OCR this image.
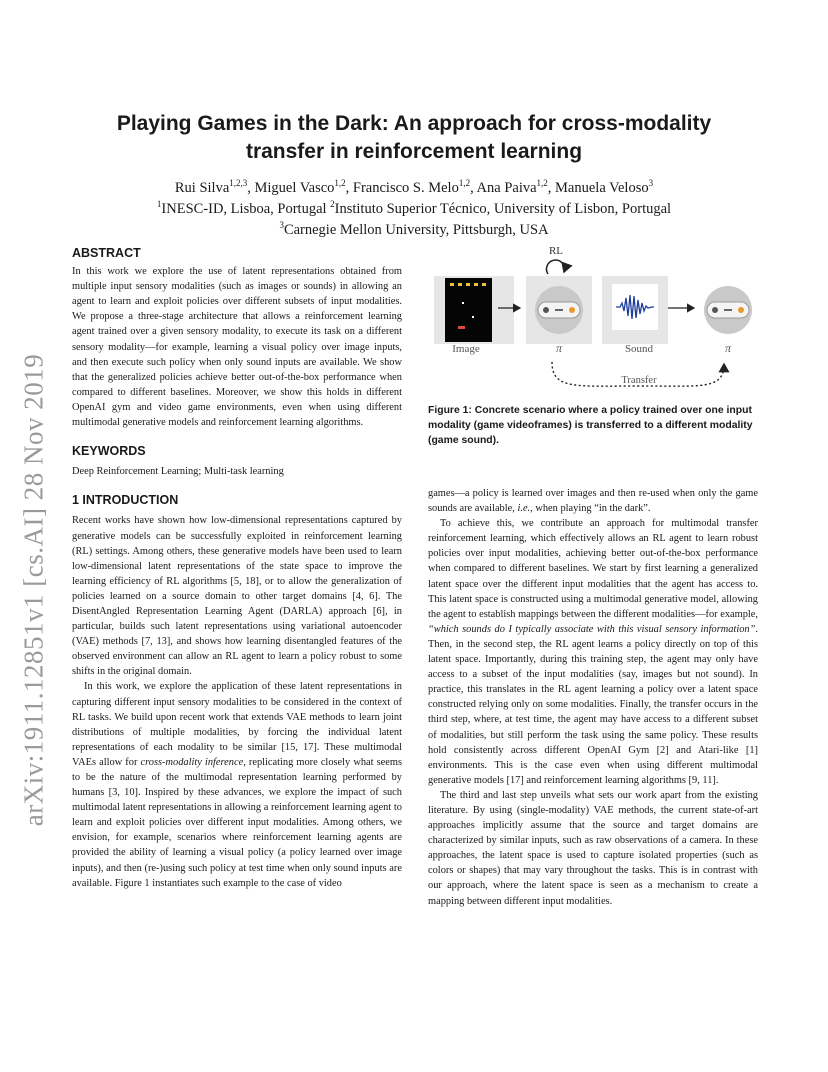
arXiv:1911.12851v1 [cs.AI] 28 Nov 2019
Playing Games in the Dark: An approach for cross-modality
transfer in reinforcement learning
Rui Silva$^{1,2,3}$, Miguel Vasco$^{1,2}$, Francisco S. Melo$^{1,2}$, Ana Paiva$^{1,2}$, Manuela Veloso$^3$
$^1$INESC-ID, Lisboa, Portugal $^2$Instituto Superior Técnico, University of Lisbon, Portugal
$^3$Carnegie Mellon University, Pittsburgh, USA

ABSTRACT

In this work we explore the use of latent representations obtained from multiple input sensory modalities (such as images or sounds) in allowing an agent to learn and exploit policies over different subsets of input modalities. We propose a three-stage architecture that allows a reinforcement learning agent trained over a given sensory modality, to execute its task on a different sensory modality—for example, learning a visual policy over image inputs, and then execute such policy when only sound inputs are available. We show that the generalized policies achieve better out-of-the-box performance when compared to different baselines. Moreover, we show this holds in different OpenAI gym and video game environments, even when using different multimodal generative models and reinforcement learning algorithms.

KEYWORDS

Deep Reinforcement Learning; Multi-task learning

1 INTRODUCTION

Recent works have shown how low-dimensional representations captured by generative models can be successfully exploited in reinforcement learning (RL) settings. Among others, these generative models have been used to learn low-dimensional latent representations of the state space to improve the learning efficiency of RL algorithms [5, 18], or to allow the generalization of policies learned on a source domain to other target domains [4, 6]. The DisentAngled Representation Learning Agent (DARLA) approach [6], in particular, builds such latent representations using variational autoencoder (VAE) methods [7, 13], and shows how learning disentangled features of the observed environment can allow an RL agent to learn a policy robust to some shifts in the original domain.

In this work, we explore the application of these latent representations in capturing different input sensory modalities to be considered in the context of RL tasks. We build upon recent work that extends VAE methods to learn joint distributions of multiple modalities, by forcing the individual latent representations of each modality to be similar [15, 17]. These multimodal VAEs allow for cross-modality inference, replicating more closely what seems to be the nature of the multimodal representation learning performed by humans [3, 10]. Inspired by these advances, we explore the impact of such multimodal latent representations in allowing a reinforcement learning agent to learn and exploit policies over different input modalities. Among others, we envision, for example, scenarios where reinforcement learning agents are provided the ability of learning a visual policy (a policy learned over image inputs), and then (re-)using such policy at test time when only sound inputs are available. Figure 1 instantiates such example to the case of video

RL
Image	π	Sound	π
Transfer
Figure 1: Concrete scenario where a policy trained over one input modality (game videoframes) is transferred to a different modality (game sound).

games—a policy is learned over images and then re-used when only the game sounds are available, i.e., when playing “in the dark”.

To achieve this, we contribute an approach for multimodal transfer reinforcement learning, which effectively allows an RL agent to learn robust policies over input modalities, achieving better out-of-the-box performance when compared to different baselines. We start by first learning a generalized latent space over the different input modalities that the agent has access to. This latent space is constructed using a multimodal generative model, allowing the agent to establish mappings between the different modalities—for example, “which sounds do I typically associate with this visual sensory information”. Then, in the second step, the RL agent learns a policy directly on top of this latent space. Importantly, during this training step, the agent may only have access to a subset of the input modalities (say, images but not sound). In practice, this translates in the RL agent learning a policy over a latent space constructed relying only on some modalities. Finally, the transfer occurs in the third step, where, at test time, the agent may have access to a different subset of modalities, but still perform the task using the same policy. These results hold consistently across different OpenAI Gym [2] and Atari-like [1] environments. This is the case even when using different multimodal generative models [17] and reinforcement learning algorithms [9, 11].

The third and last step unveils what sets our work apart from the existing literature. By using (single-modality) VAE methods, the current state-of-art approaches implicitly assume that the source and target domains are characterized by similar inputs, such as raw observations of a camera. In these approaches, the latent space is used to capture isolated properties (such as colors or shapes) that may vary throughout the tasks. This is in contrast with our approach, where the latent space is seen as a mechanism to create a mapping between different input modalities.
